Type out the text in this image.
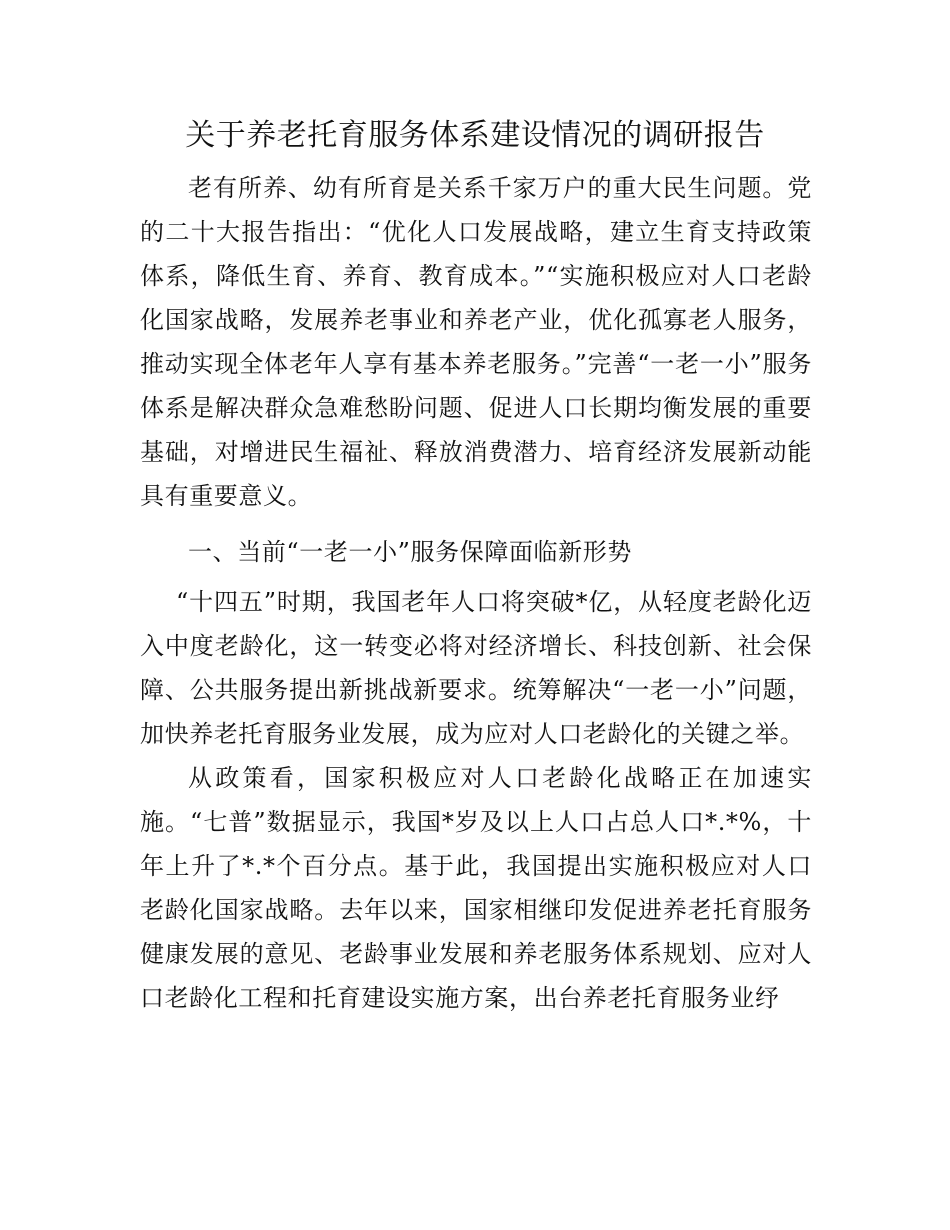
关于养老托育服务体系建设情况的调研报告

老有所养、幼有所育是关系千家万户的重大民生问题。党的二十大报告指出：“优化人口发展战略，建立生育支持政策体系，降低生育、养育、教育成本。”“实施积极应对人口老龄化国家战略，发展养老事业和养老产业，优化孤寡老人服务，推动实现全体老年人享有基本养老服务。”完善“一老一小”服务体系是解决群众急难愁盼问题、促进人口长期均衡发展的重要基础，对增进民生福祉、释放消费潜力、培育经济发展新动能具有重要意义。

一、当前“一老一小”服务保障面临新形势

“十四五”时期，我国老年人口将突破*亿，从轻度老龄化迈入中度老龄化，这一转变必将对经济增长、科技创新、社会保障、公共服务提出新挑战新要求。统筹解决“一老一小”问题，加快养老托育服务业发展，成为应对人口老龄化的关键之举。

从政策看，国家积极应对人口老龄化战略正在加速实施。“七普”数据显示，我国*岁及以上人口占总人口*.*%，十年上升了*.*个百分点。基于此，我国提出实施积极应对人口老龄化国家战略。去年以来，国家相继印发促进养老托育服务健康发展的意见、老龄事业发展和养老服务体系规划、应对人口老龄化工程和托育建设实施方案，出台养老托育服务业纾
